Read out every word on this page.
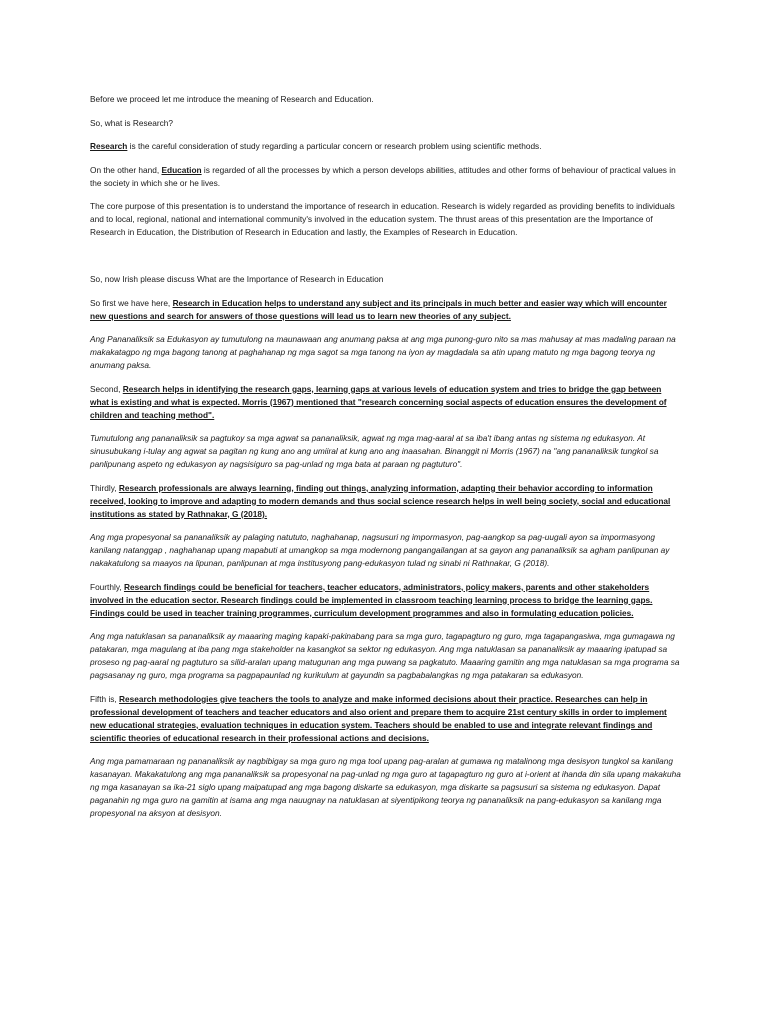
Before we proceed let me introduce the meaning of Research and Education.

So, what is Research?

Research is the careful consideration of study regarding a particular concern or research problem using scientific methods.

On the other hand, Education is regarded of all the processes by which a person develops abilities, attitudes and other forms of behaviour of practical values in the society in which she or he lives.

The core purpose of this presentation is to understand the importance of research in education. Research is widely regarded as providing benefits to individuals and to local, regional, national and international community's involved in the education system. The thrust areas of this presentation are the Importance of Research in Education, the Distribution of Research in Education and lastly, the Examples of Research in Education.

So, now Irish please discuss What are the Importance of Research in Education

So first we have here, Research in Education helps to understand any subject and its principals in much better and easier way which will encounter new questions and search for answers of those questions will lead us to learn new theories of any subject.

Ang Pananaliksik sa Edukasyon ay tumutulong na maunawaan ang anumang paksa at ang mga punong-guro nito sa mas mahusay at mas madaling paraan na makakatagpo ng mga bagong tanong at paghahanap ng mga sagot sa mga tanong na iyon ay magdadala sa atin upang matuto ng mga bagong teorya ng anumang paksa.

Second, Research helps in identifying the research gaps, learning gaps at various levels of education system and tries to bridge the gap between what is existing and what is expected. Morris (1967) mentioned that "research concerning social aspects of education ensures the development of children and teaching method".

Tumutulong ang pananaliksik sa pagtukoy sa mga agwat sa pananaliksik, agwat ng mga mag-aaral at sa iba't ibang antas ng sistema ng edukasyon. At sinusubukang i-tulay ang agwat sa pagitan ng kung ano ang umiiral at kung ano ang inaasahan. Binanggit ni Morris (1967) na "ang pananaliksik tungkol sa panlipunang aspeto ng edukasyon ay nagsisiguro sa pag-unlad ng mga bata at paraan ng pagtuturo".

Thirdly, Research professionals are always learning, finding out things, analyzing information, adapting their behavior according to information received, looking to improve and adapting to modern demands and thus social science research helps in well being society, social and educational institutions as stated by Rathnakar, G (2018).

Ang mga propesyonal sa pananaliksik ay palaging natututo, naghahanap, nagsusuri ng impormasyon, pag-aangkop sa pag-uugali ayon sa impormasyong kanilang natanggap , naghahanap upang mapabuti at umangkop sa mga modernong pangangailangan at sa gayon ang pananaliksik sa agham panlipunan ay nakakatulong sa maayos na lipunan, panlipunan at mga institusyong pang-edukasyon tulad ng sinabi ni Rathnakar, G (2018).

Fourthly, Research findings could be beneficial for teachers, teacher educators, administrators, policy makers, parents and other stakeholders involved in the education sector. Research findings could be implemented in classroom teaching learning process to bridge the learning gaps. Findings could be used in teacher training programmes, curriculum development programmes and also in formulating education policies.

Ang mga natuklasan sa pananaliksik ay maaaring maging kapaki-pakinabang para sa mga guro, tagapagturo ng guro, mga tagapangasiwa, mga gumagawa ng patakaran, mga magulang at iba pang mga stakeholder na kasangkot sa sektor ng edukasyon. Ang mga natuklasan sa pananaliksik ay maaaring ipatupad sa proseso ng pag-aaral ng pagtuturo sa silid-aralan upang matugunan ang mga puwang sa pagkatuto. Maaaring gamitin ang mga natuklasan sa mga programa sa pagsasanay ng guro, mga programa sa pagpapaunlad ng kurikulum at gayundin sa pagbabalangkas ng mga patakaran sa edukasyon.

Fifth is, Research methodologies give teachers the tools to analyze and make informed decisions about their practice. Researches can help in professional development of teachers and teacher educators and also orient and prepare them to acquire 21st century skills in order to implement new educational strategies, evaluation techniques in education system. Teachers should be enabled to use and integrate relevant findings and scientific theories of educational research in their professional actions and decisions.

Ang mga pamamaraan ng pananaliksik ay nagbibigay sa mga guro ng mga tool upang pag-aralan at gumawa ng matalinong mga desisyon tungkol sa kanilang kasanayan. Makakatulong ang mga pananaliksik sa propesyonal na pag-unlad ng mga guro at tagapagturo ng guro at i-orient at ihanda din sila upang makakuha ng mga kasanayan sa ika-21 siglo upang maipatupad ang mga bagong diskarte sa edukasyon, mga diskarte sa pagsusuri sa sistema ng edukasyon. Dapat paganahin ng mga guro na gamitin at isama ang mga nauugnay na natuklasan at siyentipikong teorya ng pananaliksik na pang-edukasyon sa kanilang mga propesyonal na aksyon at desisyon.
